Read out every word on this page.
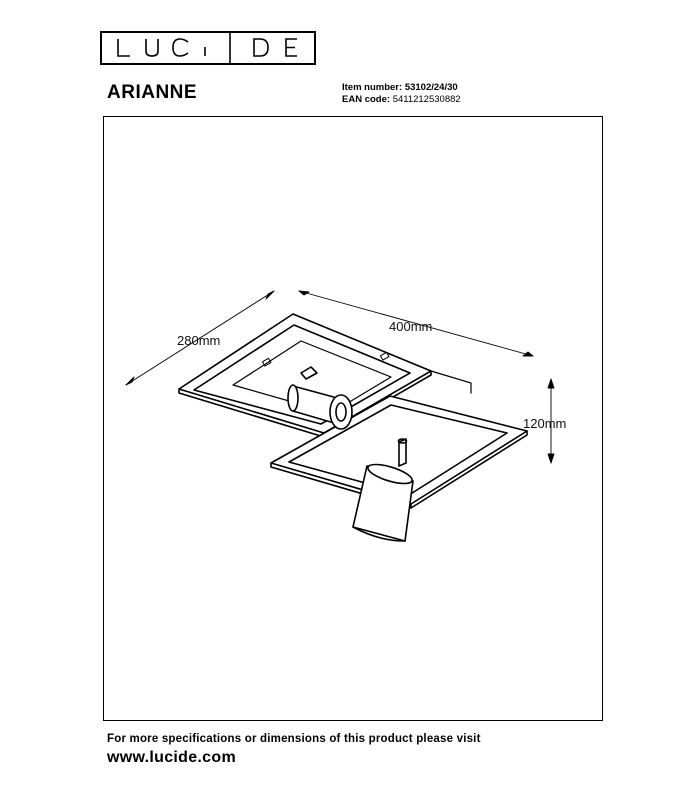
ARIANNE	Item number: 53102/24/30
EAN code: 5411212530882
280mm
400mm
120mm
For more specifications or dimensions of this product please visit
www.lucide.com
